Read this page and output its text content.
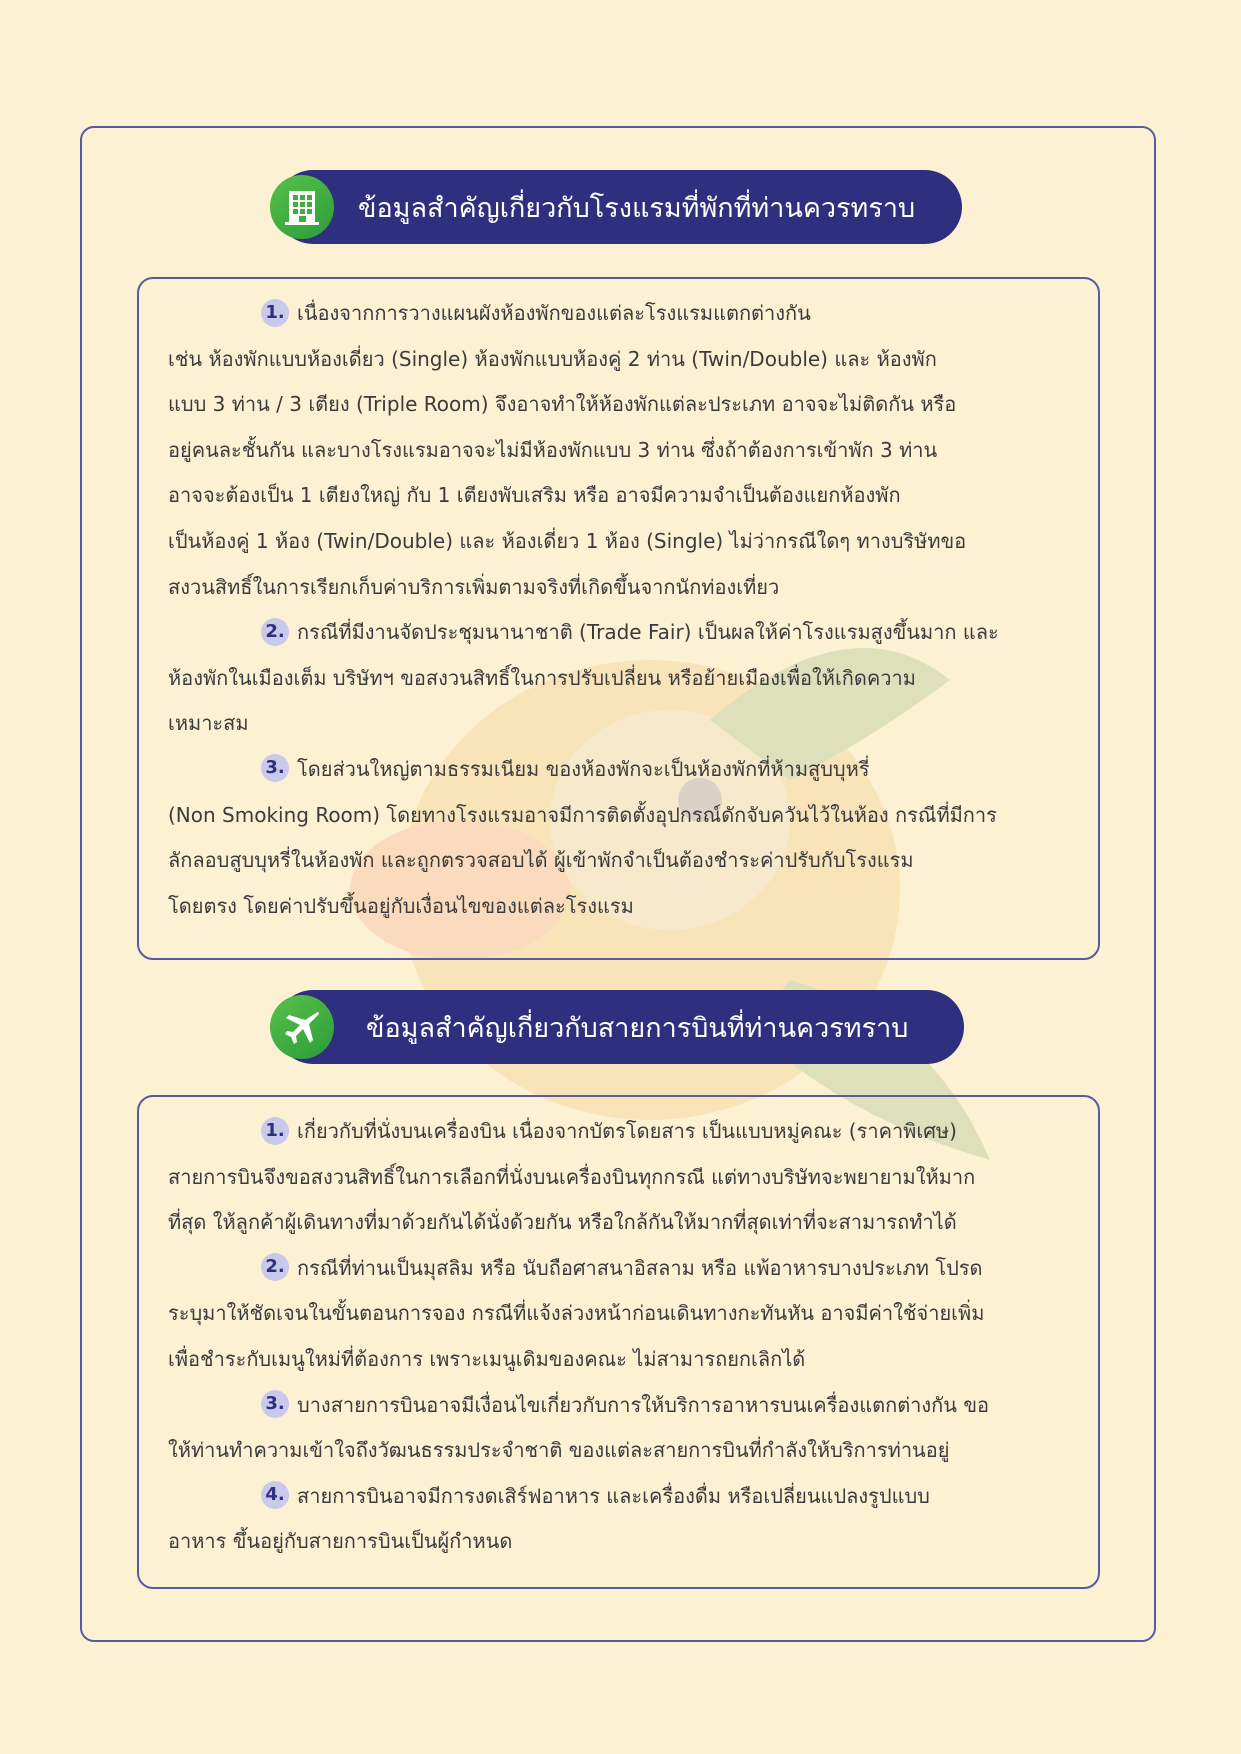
ข้อมูลสำคัญเกี่ยวกับโรงแรมที่พักที่ท่านควรทราบ

1. เนื่องจากการวางแผนผังห้องพักของแต่ละโรงแรมแตกต่างกัน

เช่น ห้องพักแบบห้องเดี่ยว (Single) ห้องพักแบบห้องคู่ 2 ท่าน (Twin/Double) และ ห้องพัก

แบบ 3 ท่าน / 3 เตียง (Triple Room) จึงอาจทำให้ห้องพักแต่ละประเภท อาจจะไม่ติดกัน หรือ

อยู่คนละชั้นกัน และบางโรงแรมอาจจะไม่มีห้องพักแบบ 3 ท่าน ซึ่งถ้าต้องการเข้าพัก 3 ท่าน

อาจจะต้องเป็น 1 เตียงใหญ่ กับ 1 เตียงพับเสริม หรือ อาจมีความจำเป็นต้องแยกห้องพัก

เป็นห้องคู่ 1 ห้อง (Twin/Double) และ ห้องเดี่ยว 1 ห้อง (Single) ไม่ว่ากรณีใดๆ ทางบริษัทขอ

สงวนสิทธิ์ในการเรียกเก็บค่าบริการเพิ่มตามจริงที่เกิดขึ้นจากนักท่องเที่ยว

2. กรณีที่มีงานจัดประชุมนานาชาติ (Trade Fair) เป็นผลให้ค่าโรงแรมสูงขึ้นมาก และ

ห้องพักในเมืองเต็ม บริษัทฯ ขอสงวนสิทธิ์ในการปรับเปลี่ยน หรือย้ายเมืองเพื่อให้เกิดความ

เหมาะสม

3. โดยส่วนใหญ่ตามธรรมเนียม ของห้องพักจะเป็นห้องพักที่ห้ามสูบบุหรี่

(Non Smoking Room) โดยทางโรงแรมอาจมีการติดตั้งอุปกรณ์ดักจับควันไว้ในห้อง กรณีที่มีการ

ลักลอบสูบบุหรี่ในห้องพัก และถูกตรวจสอบได้ ผู้เข้าพักจำเป็นต้องชำระค่าปรับกับโรงแรม

โดยตรง โดยค่าปรับขึ้นอยู่กับเงื่อนไขของแต่ละโรงแรม

ข้อมูลสำคัญเกี่ยวกับสายการบินที่ท่านควรทราบ

1. เกี่ยวกับที่นั่งบนเครื่องบิน เนื่องจากบัตรโดยสาร เป็นแบบหมู่คณะ (ราคาพิเศษ)

สายการบินจึงขอสงวนสิทธิ์ในการเลือกที่นั่งบนเครื่องบินทุกกรณี แต่ทางบริษัทจะพยายามให้มาก

ที่สุด ให้ลูกค้าผู้เดินทางที่มาด้วยกันได้นั่งด้วยกัน หรือใกล้กันให้มากที่สุดเท่าที่จะสามารถทำได้

2. กรณีที่ท่านเป็นมุสลิม หรือ นับถือศาสนาอิสลาม หรือ แพ้อาหารบางประเภท โปรด

ระบุมาให้ชัดเจนในขั้นตอนการจอง กรณีที่แจ้งล่วงหน้าก่อนเดินทางกะทันหัน อาจมีค่าใช้จ่ายเพิ่ม

เพื่อชำระกับเมนูใหม่ที่ต้องการ เพราะเมนูเดิมของคณะ ไม่สามารถยกเลิกได้

3. บางสายการบินอาจมีเงื่อนไขเกี่ยวกับการให้บริการอาหารบนเครื่องแตกต่างกัน ขอ

ให้ท่านทำความเข้าใจถึงวัฒนธรรมประจำชาติ ของแต่ละสายการบินที่กำลังให้บริการท่านอยู่

4. สายการบินอาจมีการงดเสิร์ฟอาหาร และเครื่องดื่ม หรือเปลี่ยนแปลงรูปแบบ

อาหาร ขึ้นอยู่กับสายการบินเป็นผู้กำหนด
